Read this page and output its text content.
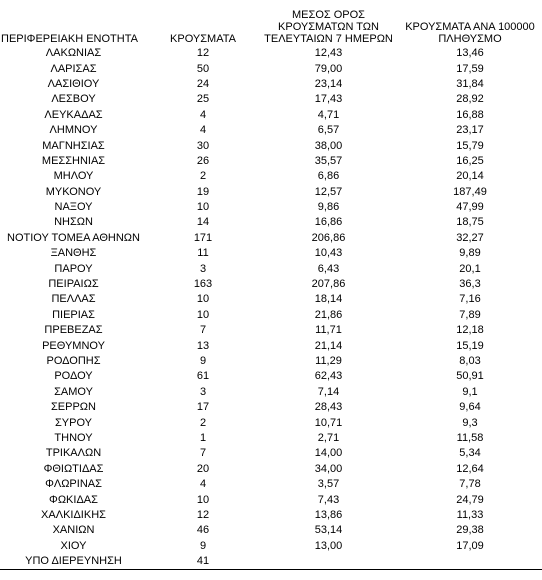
ΠΕΡΙΦΕΡΕΙΑΚΗ ΕΝΟΤΗΤΑ	ΚΡΟΥΣΜΑΤΑ	ΜΕΣΟΣ ΟΡΟΣ
ΚΡΟΥΣΜΑΤΩΝ ΤΩΝ
ΤΕΛΕΥΤΑΙΩΝ 7 ΗΜΕΡΩΝ	ΚΡΟΥΣΜΑΤΑ ΑΝΑ 100000
ΠΛΗΘΥΣΜΟ
ΛΑΚΩΝΙΑΣ	12	12,43	13,46
ΛΑΡΙΣΑΣ	50	79,00	17,59
ΛΑΣΙΘΙΟΥ	24	23,14	31,84
ΛΕΣΒΟΥ	25	17,43	28,92
ΛΕΥΚΑΔΑΣ	4	4,71	16,88
ΛΗΜΝΟΥ	4	6,57	23,17
ΜΑΓΝΗΣΙΑΣ	30	38,00	15,79
ΜΕΣΣΗΝΙΑΣ	26	35,57	16,25
ΜΗΛΟΥ	2	6,86	20,14
ΜΥΚΟΝΟΥ	19	12,57	187,49
ΝΑΞΟΥ	10	9,86	47,99
ΝΗΣΩΝ	14	16,86	18,75
ΝΟΤΙΟΥ ΤΟΜΕΑ ΑΘΗΝΩΝ	171	206,86	32,27
ΞΑΝΘΗΣ	11	10,43	9,89
ΠΑΡΟΥ	3	6,43	20,1
ΠΕΙΡΑΙΩΣ	163	207,86	36,3
ΠΕΛΛΑΣ	10	18,14	7,16
ΠΙΕΡΙΑΣ	10	21,86	7,89
ΠΡΕΒΕΖΑΣ	7	11,71	12,18
ΡΕΘΥΜΝΟΥ	13	21,14	15,19
ΡΟΔΟΠΗΣ	9	11,29	8,03
ΡΟΔΟΥ	61	62,43	50,91
ΣΑΜΟΥ	3	7,14	9,1
ΣΕΡΡΩΝ	17	28,43	9,64
ΣΥΡΟΥ	2	10,71	9,3
ΤΗΝΟΥ	1	2,71	11,58
ΤΡΙΚΑΛΩΝ	7	14,00	5,34
ΦΘΙΩΤΙΔΑΣ	20	34,00	12,64
ΦΛΩΡΙΝΑΣ	4	3,57	7,78
ΦΩΚΙΔΑΣ	10	7,43	24,79
ΧΑΛΚΙΔΙΚΗΣ	12	13,86	11,33
ΧΑΝΙΩΝ	46	53,14	29,38
ΧΙΟΥ	9	13,00	17,09
ΥΠΟ ΔΙΕΡΕΥΝΗΣΗ	41		
